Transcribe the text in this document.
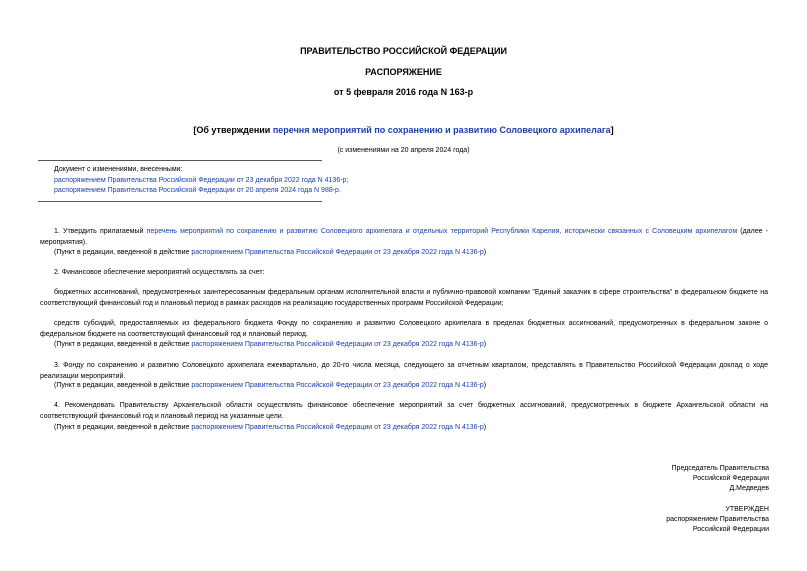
ПРАВИТЕЛЬСТВО РОССИЙСКОЙ ФЕДЕРАЦИИ
РАСПОРЯЖЕНИЕ
от 5 февраля 2016 года N 163-р
[Об утверждении перечня мероприятий по сохранению и развитию Соловецкого архипелага]
(с изменениями на 20 апреля 2024 года)
Документ с изменениями, внесенными:
распоряжением Правительства Российской Федерации от 23 декабря 2022 года N 4136-р;
распоряжением Правительства Российской Федерации от 20 апреля 2024 года N 988-р.
1. Утвердить прилагаемый перечень мероприятий по сохранению и развитию Соловецкого архипелага и отдельных территорий Республики Карелия, исторически связанных с Соловецким архипелагом (далее - мероприятия).
(Пункт в редакции, введенной в действие распоряжением Правительства Российской Федерации от 23 декабря 2022 года N 4136-р)
2. Финансовое обеспечение мероприятий осуществлять за счет:
бюджетных ассигнований, предусмотренных заинтересованным федеральным органам исполнительной власти и публично-правовой компании "Единый заказчик в сфере строительства" в федеральном бюджете на соответствующий финансовый год и плановый период в рамках расходов на реализацию государственных программ Российской Федерации;
средств субсидий, предоставляемых из федерального бюджета Фонду по сохранению и развитию Соловецкого архипелага в пределах бюджетных ассигнований, предусмотренных в федеральном законе о федеральном бюджете на соответствующий финансовый год и плановый период.
(Пункт в редакции, введенной в действие распоряжением Правительства Российской Федерации от 23 декабря 2022 года N 4136-р)
3. Фонду по сохранению и развитию Соловецкого архипелага ежеквартально, до 20-го числа месяца, следующего за отчетным кварталом, представлять в Правительство Российской Федерации доклад о ходе реализации мероприятий.
(Пункт в редакции, введенной в действие распоряжением Правительства Российской Федерации от 23 декабря 2022 года N 4136-р)
4. Рекомендовать Правительству Архангельской области осуществлять финансовое обеспечение мероприятий за счет бюджетных ассигнований, предусмотренных в бюджете Архангельской области на соответствующий финансовый год и плановый период на указанные цели.
(Пункт в редакции, введенной в действие распоряжением Правительства Российской Федерации от 23 декабря 2022 года N 4136-р)
Председатель Правительства
Российской Федерации
Д.Медведев
УТВЕРЖДЕН
распоряжением Правительства
Российской Федерации
